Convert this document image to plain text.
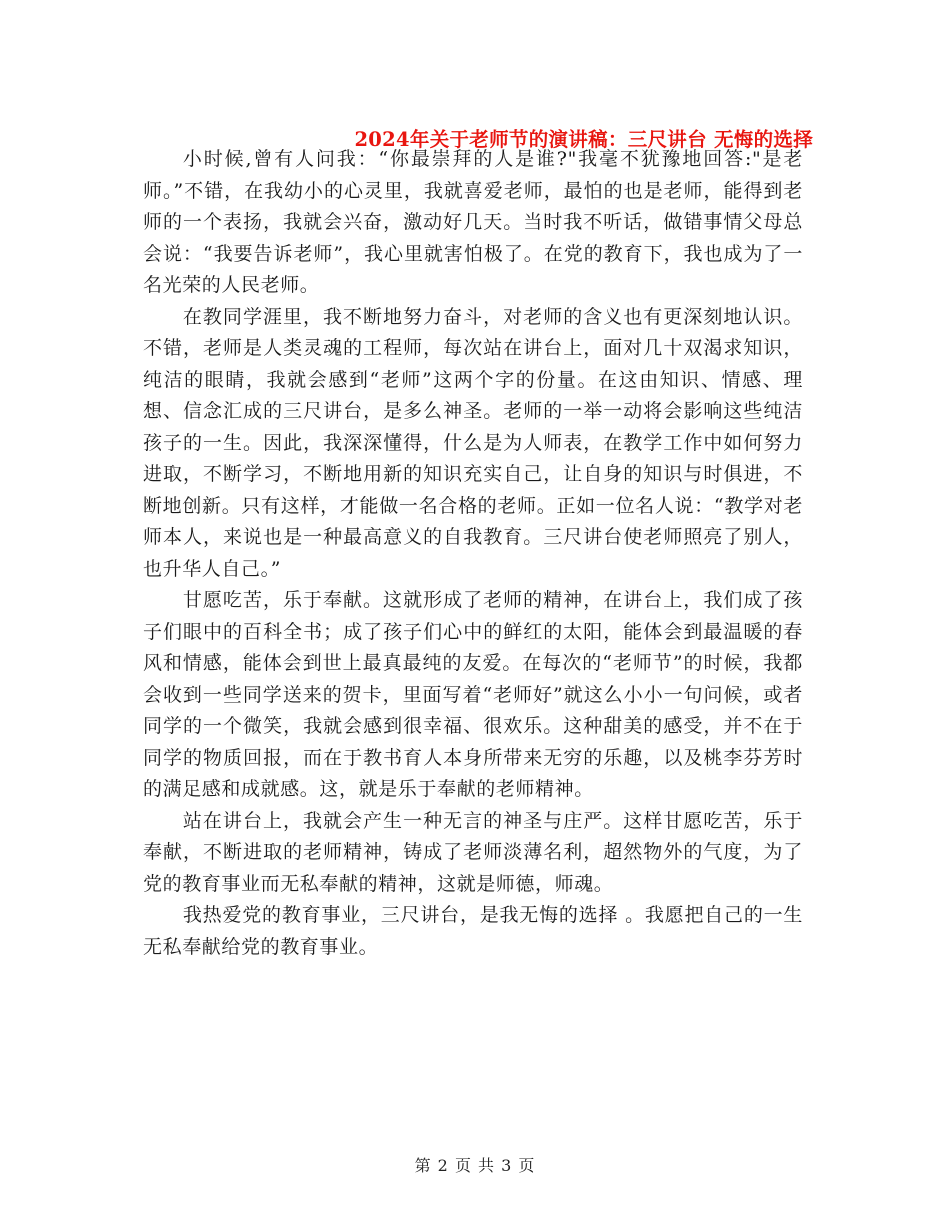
2024年关于老师节的演讲稿：三尺讲台 无悔的选择

小时候,曾有人问我：“你最崇拜的人是谁?"我毫不犹豫地回答:"是老师。”不错，在我幼小的心灵里，我就喜爱老师，最怕的也是老师，能得到老师的一个表扬，我就会兴奋，激动好几天。当时我不听话，做错事情父母总会说：“我要告诉老师”，我心里就害怕极了。在党的教育下，我也成为了一名光荣的人民老师。

在教同学涯里，我不断地努力奋斗，对老师的含义也有更深刻地认识。不错，老师是人类灵魂的工程师，每次站在讲台上，面对几十双渴求知识，纯洁的眼睛，我就会感到“老师”这两个字的份量。在这由知识、情感、理想、信念汇成的三尺讲台，是多么神圣。老师的一举一动将会影响这些纯洁孩子的一生。因此，我深深懂得，什么是为人师表，在教学工作中如何努力进取，不断学习，不断地用新的知识充实自己，让自身的知识与时俱进，不断地创新。只有这样，才能做一名合格的老师。正如一位名人说：“教学对老师本人，来说也是一种最高意义的自我教育。三尺讲台使老师照亮了别人，也升华人自己。”

甘愿吃苦，乐于奉献。这就形成了老师的精神，在讲台上，我们成了孩子们眼中的百科全书；成了孩子们心中的鲜红的太阳，能体会到最温暖的春风和情感，能体会到世上最真最纯的友爱。在每次的“老师节”的时候，我都会收到一些同学送来的贺卡，里面写着“老师好”就这么小小一句问候，或者同学的一个微笑，我就会感到很幸福、很欢乐。这种甜美的感受，并不在于同学的物质回报，而在于教书育人本身所带来无穷的乐趣，以及桃李芬芳时的满足感和成就感。这，就是乐于奉献的老师精神。

站在讲台上，我就会产生一种无言的神圣与庄严。这样甘愿吃苦，乐于奉献，不断进取的老师精神，铸成了老师淡薄名利，超然物外的气度，为了党的教育事业而无私奉献的精神，这就是师德，师魂。

我热爱党的教育事业，三尺讲台，是我无悔的选择 。我愿把自己的一生无私奉献给党的教育事业。

第 2 页 共 3 页
